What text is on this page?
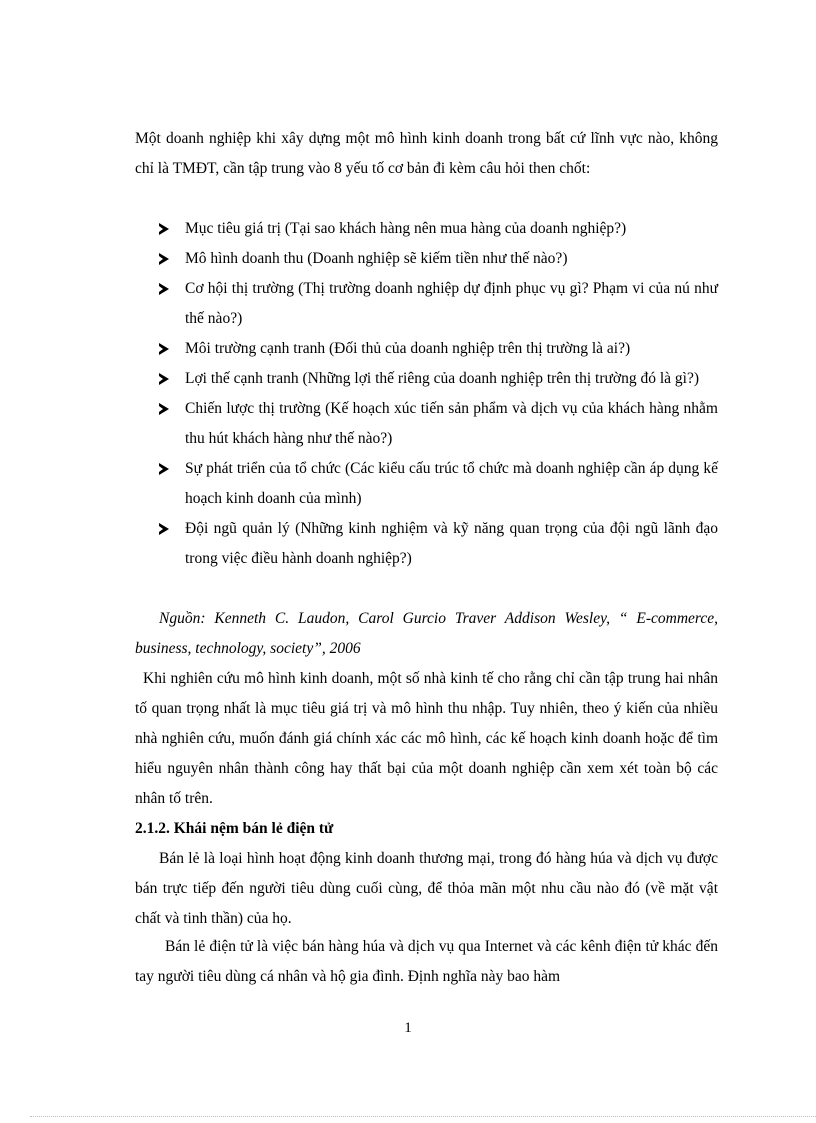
Một doanh nghiệp khi xây dựng một mô hình kinh doanh trong bất cứ lĩnh vực nào, không chỉ là TMĐT, cần tập trung vào 8 yếu tố cơ bản đi kèm câu hỏi then chốt:

Mục tiêu giá trị (Tại sao khách hàng nên mua hàng của doanh nghiệp?)
Mô hình doanh thu (Doanh nghiệp sẽ kiếm tiền như thế nào?)
Cơ hội thị trường (Thị trường doanh nghiệp dự định phục vụ gì? Phạm vi của nú như thế nào?)
Môi trường cạnh tranh (Đối thủ của doanh nghiệp trên thị trường là ai?)
Lợi thế cạnh tranh (Những lợi thế riêng của doanh nghiệp trên thị trường đó là gì?)
Chiến lược thị trường (Kế hoạch xúc tiến sản phẩm và dịch vụ của khách hàng nhằm thu hút khách hàng như thế nào?)
Sự phát triển của tổ chức (Các kiểu cấu trúc tổ chức mà doanh nghiệp cần áp dụng kế hoạch kinh doanh của mình)
Đội ngũ quản lý (Những kinh nghiệm và kỹ năng quan trọng của đội ngũ lãnh đạo trong việc điều hành doanh nghiệp?)

Nguồn: Kenneth C. Laudon, Carol Gurcio Traver Addison Wesley, “ E-commerce, business, technology, society”, 2006

Khi nghiên cứu mô hình kinh doanh, một số nhà kinh tế cho rằng chỉ cần tập trung hai nhân tố quan trọng nhất là mục tiêu giá trị và mô hình thu nhập. Tuy nhiên, theo ý kiến của nhiều nhà nghiên cứu, muốn đánh giá chính xác các mô hình, các kế hoạch kinh doanh hoặc để tìm hiểu nguyên nhân thành công hay thất bại của một doanh nghiệp cần xem xét toàn bộ các nhân tố trên.

2.1.2. Khái nệm bán lẻ điện tử

Bán lẻ là loại hình hoạt động kinh doanh thương mại, trong đó hàng húa và dịch vụ được bán trực tiếp đến người tiêu dùng cuối cùng, để thỏa mãn một nhu cầu nào đó (về mặt vật chất và tinh thần) của họ.

Bán lẻ điện tử là việc bán hàng húa và dịch vụ qua Internet và các kênh điện tử khác đến tay người tiêu dùng cá nhân và hộ gia đình. Định nghĩa này bao hàm

1
